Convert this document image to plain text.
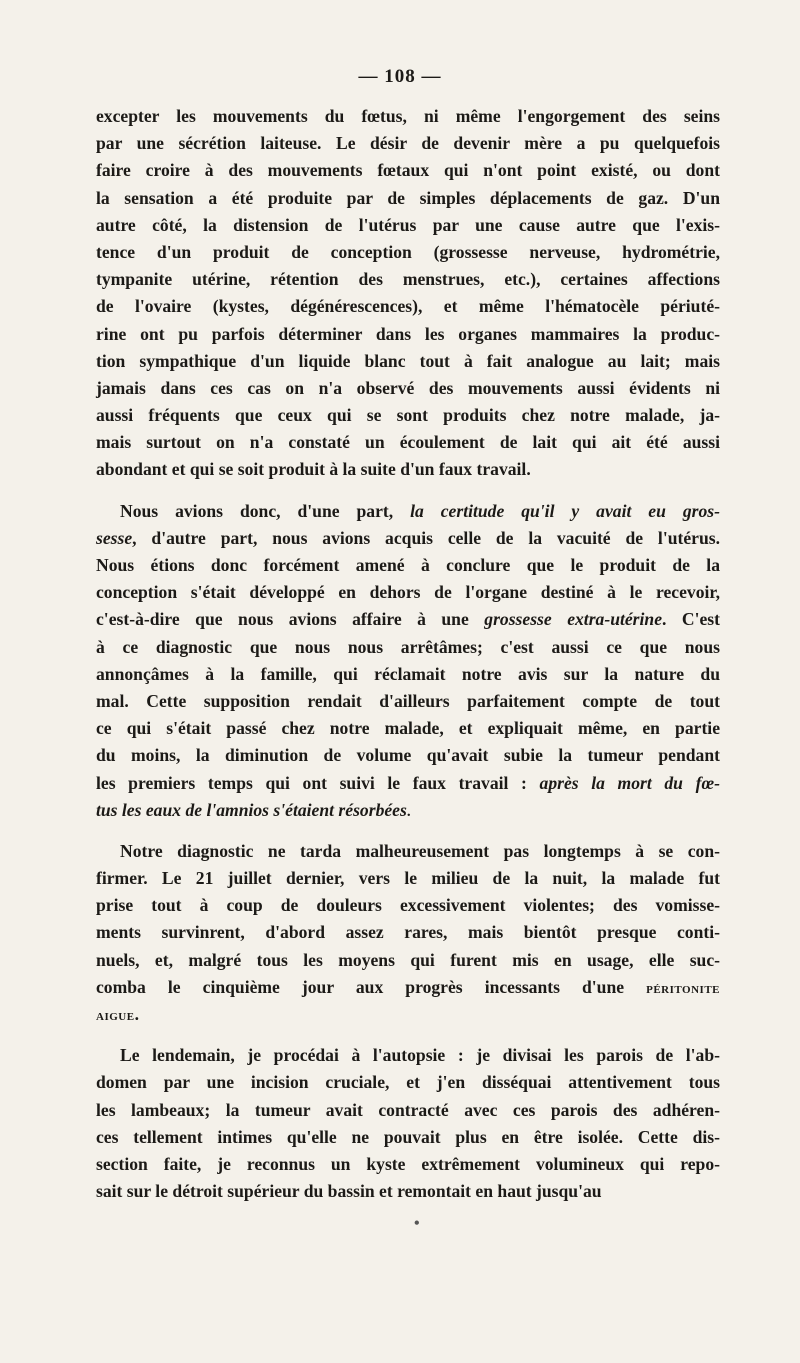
— 108 —
excepter les mouvements du fœtus, ni même l'engorgement des seins
par une sécrétion laiteuse. Le désir de devenir mère a pu quelquefois
faire croire à des mouvements fœtaux qui n'ont point existé, ou dont
la sensation a été produite par de simples déplacements de gaz. D'un
autre côté, la distension de l'utérus par une cause autre que l'exis-
tence d'un produit de conception (grossesse nerveuse, hydrométrie,
tympanite utérine, rétention des menstrues, etc.), certaines affections
de l'ovaire (kystes, dégénérescences), et même l'hématocèle périuté-
rine ont pu parfois déterminer dans les organes mammaires la produc-
tion sympathique d'un liquide blanc tout à fait analogue au lait; mais
jamais dans ces cas on n'a observé des mouvements aussi évidents ni
aussi fréquents que ceux qui se sont produits chez notre malade, ja-
mais surtout on n'a constaté un écoulement de lait qui ait été aussi
abondant et qui se soit produit à la suite d'un faux travail.
Nous avions donc, d'une part, la certitude qu'il y avait eu gros-
sesse, d'autre part, nous avions acquis celle de la vacuité de l'utérus.
Nous étions donc forcément amené à conclure que le produit de la
conception s'était développé en dehors de l'organe destiné à le recevoir,
c'est-à-dire que nous avions affaire à une grossesse extra-utérine. C'est
à ce diagnostic que nous nous arrêtâmes; c'est aussi ce que nous
annonçâmes à la famille, qui réclamait notre avis sur la nature du
mal. Cette supposition rendait d'ailleurs parfaitement compte de tout
ce qui s'était passé chez notre malade, et expliquait même, en partie
du moins, la diminution de volume qu'avait subie la tumeur pendant
les premiers temps qui ont suivi le faux travail : après la mort du fœ-
tus les eaux de l'amnios s'étaient résorbées.
Notre diagnostic ne tarda malheureusement pas longtemps à se con-
firmer. Le 21 juillet dernier, vers le milieu de la nuit, la malade fut
prise tout à coup de douleurs excessivement violentes; des vomisse-
ments survinrent, d'abord assez rares, mais bientôt presque conti-
nuels, et, malgré tous les moyens qui furent mis en usage, elle suc-
comba le cinquième jour aux progrès incessants d'une péritonite
aigue.
Le lendemain, je procédai à l'autopsie : je divisai les parois de l'ab-
domen par une incision cruciale, et j'en disséquai attentivement tous
les lambeaux; la tumeur avait contracté avec ces parois des adhéren-
ces tellement intimes qu'elle ne pouvait plus en être isolée. Cette dis-
section faite, je reconnus un kyste extrêmement volumineux qui repo-
sait sur le détroit supérieur du bassin et remontait en haut jusqu'au
•
